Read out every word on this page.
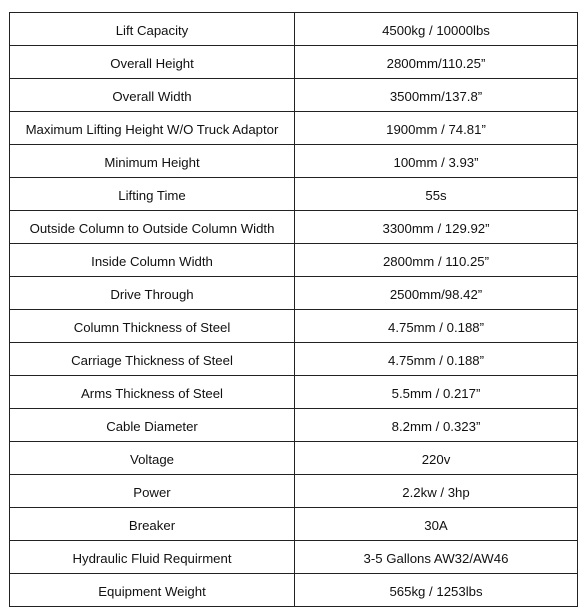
Lift Capacity	4500kg / 10000lbs
Overall Height	2800mm/110.25”
Overall Width	3500mm/137.8”
Maximum Lifting Height W/O Truck Adaptor	1900mm / 74.81”
Minimum Height	100mm / 3.93”
Lifting Time	55s
Outside Column to Outside Column Width	3300mm / 129.92”
Inside Column Width	2800mm / 110.25”
Drive Through	2500mm/98.42”
Column Thickness of Steel	4.75mm / 0.188”
Carriage Thickness of Steel	4.75mm / 0.188”
Arms Thickness of Steel	5.5mm / 0.217”
Cable Diameter	8.2mm / 0.323”
Voltage	220v
Power	2.2kw / 3hp
Breaker	30A
Hydraulic Fluid Requirment	3-5 Gallons AW32/AW46
Equipment Weight	565kg / 1253lbs
